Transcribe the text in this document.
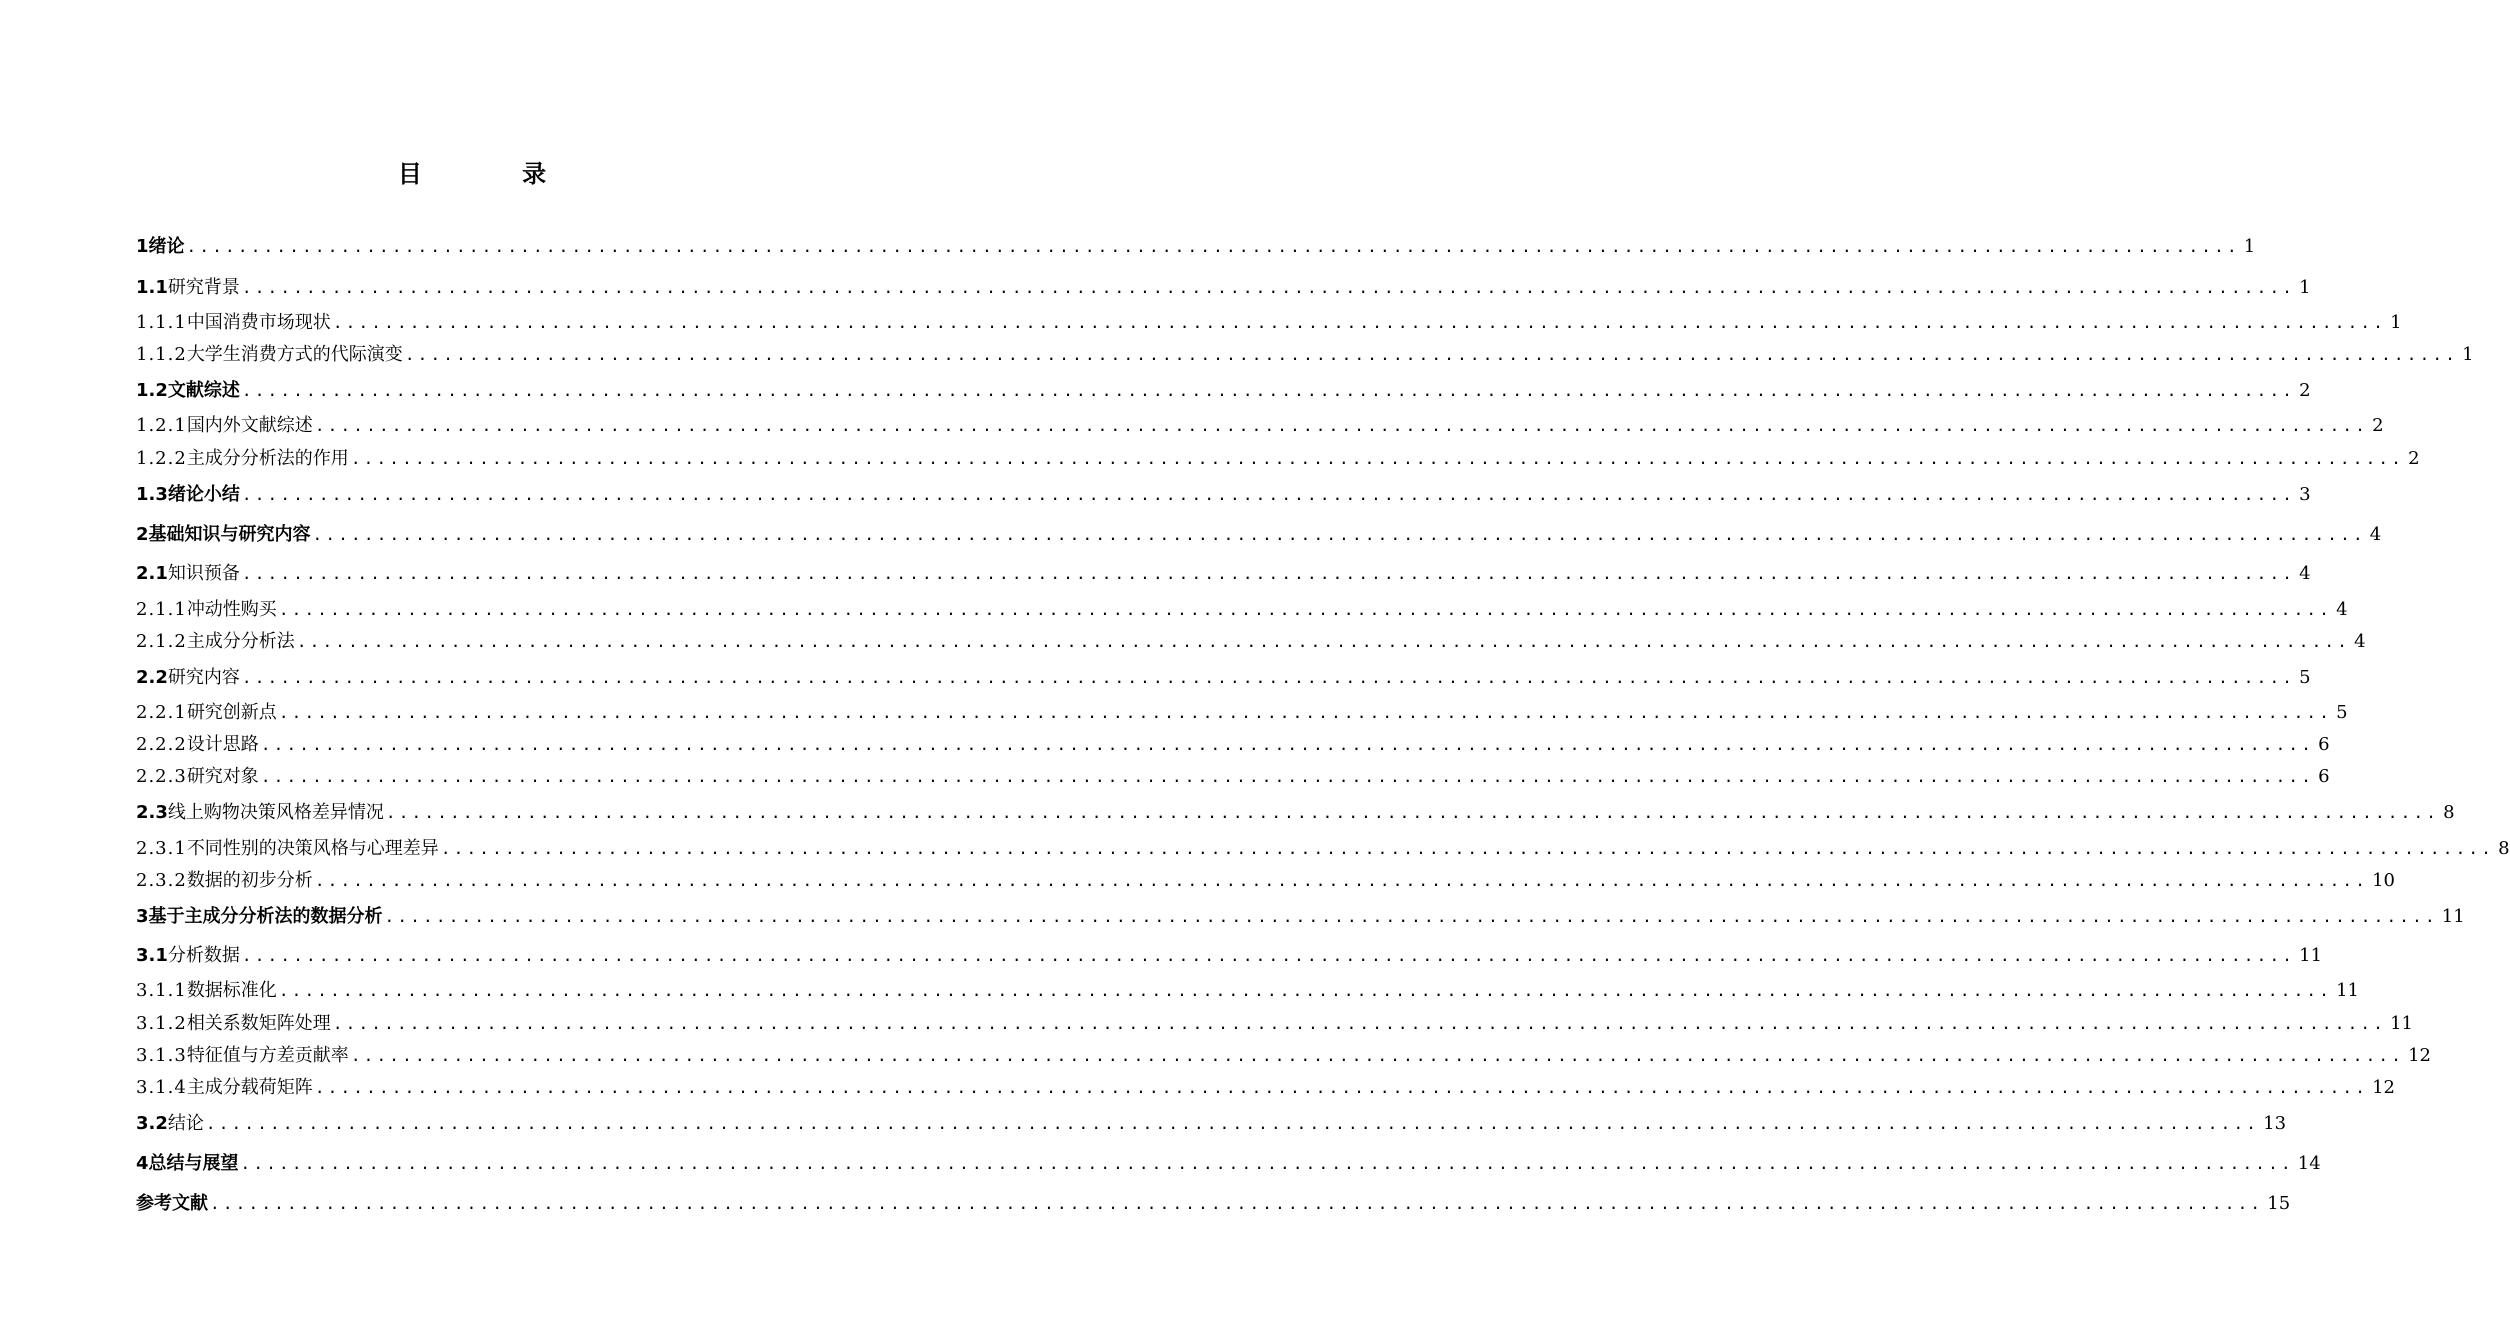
目 录
1 绪论 ................................................................................................................................................................ 1
1.1 研究背景 ................................................................................................................................................................ 1
1.1.1 中国消费市场现状 ................................................................................................................................................................ 1
1.1.2 大学生消费方式的代际演变 ................................................................................................................................................................ 1
1.2 文献综述 ................................................................................................................................................................ 2
1.2.1 国内外文献综述 ................................................................................................................................................................ 2
1.2.2 主成分分析法的作用 ................................................................................................................................................................ 2
1.3 绪论小结 ................................................................................................................................................................ 3
2 基础知识与研究内容 ................................................................................................................................................................ 4
2.1 知识预备 ................................................................................................................................................................ 4
2.1.1 冲动性购买 ................................................................................................................................................................ 4
2.1.2 主成分分析法 ................................................................................................................................................................ 4
2.2 研究内容 ................................................................................................................................................................ 5
2.2.1 研究创新点 ................................................................................................................................................................ 5
2.2.2 设计思路 ................................................................................................................................................................ 6
2.2.3 研究对象 ................................................................................................................................................................ 6
2.3 线上购物决策风格差异情况 ................................................................................................................................................................ 8
2.3.1 不同性别的决策风格与心理差异 ................................................................................................................................................................ 8
2.3.2 数据的初步分析 ................................................................................................................................................................ 10
3 基于主成分分析法的数据分析 ................................................................................................................................................................ 11
3.1 分析数据 ................................................................................................................................................................ 11
3.1.1 数据标准化 ................................................................................................................................................................ 11
3.1.2 相关系数矩阵处理 ................................................................................................................................................................ 11
3.1.3 特征值与方差贡献率 ................................................................................................................................................................ 12
3.1.4 主成分载荷矩阵 ................................................................................................................................................................ 12
3.2 结论 ................................................................................................................................................................ 13
4 总结与展望 ................................................................................................................................................................ 14
参考文献 ................................................................................................................................................................ 15
